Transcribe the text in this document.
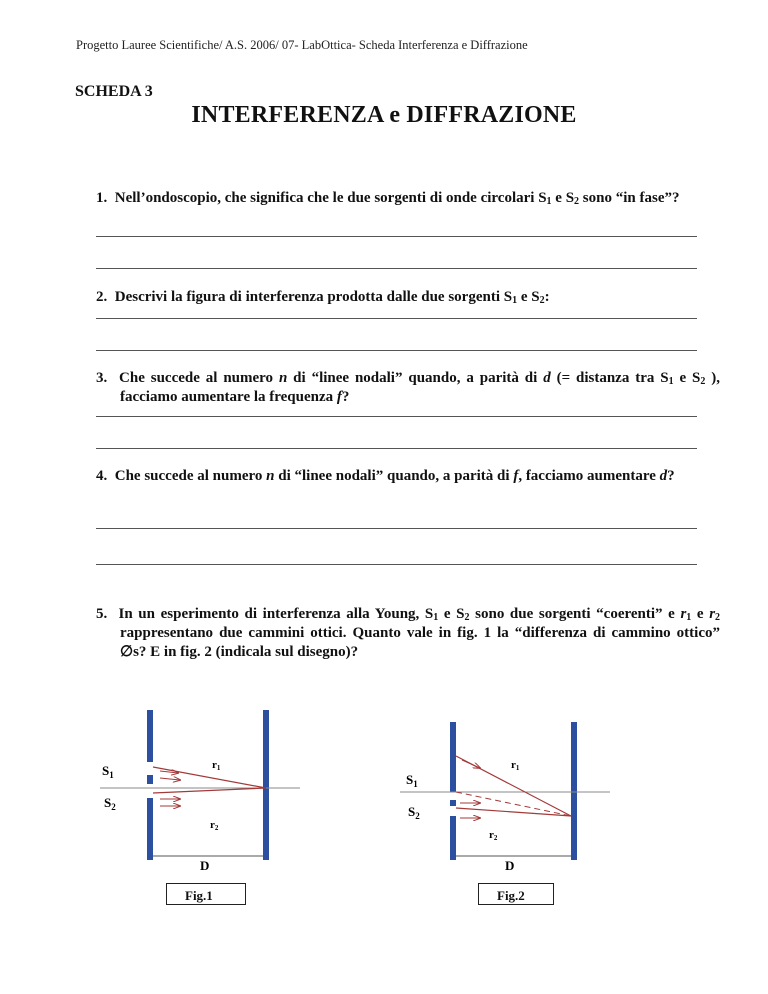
Progetto Lauree Scientifiche/ A.S. 2006/ 07- LabOttica- Scheda Interferenza e Diffrazione
SCHEDA 3
INTERFERENZA e DIFFRAZIONE
1. Nell’ondoscopio, che significa che le due sorgenti di onde circolari $S_1$ e $S_2$ sono “in fase”?
2. Descrivi la figura di interferenza prodotta dalle due sorgenti $S_1$ e $S_2$:
3. Che succede al numero n di “linee nodali” quando, a parità di d (= distanza tra $S_1$ e $S_2$ ), facciamo aumentare la frequenza f?
4. Che succede al numero n di “linee nodali” quando, a parità di f, facciamo aumentare d?
5. In un esperimento di interferenza alla Young, $S_1$ e $S_2$ sono due sorgenti “coerenti” e $r_1$ e $r_2$ rappresentano due cammini ottici. Quanto vale in fig. 1 la “differenza di cammino ottico” ∅s? E in fig. 2 (indicala sul disegno)?
$S_1$
$S_2$
r1
r2
D
$S_1$
$S_2$
r1
r2
D
Fig.1	Fig.2
